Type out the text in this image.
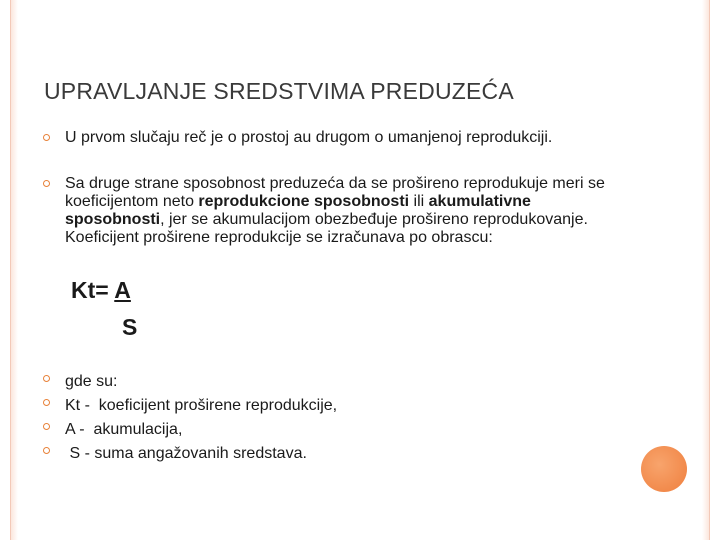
UPRAVLJANJE SREDSTVIMA PREDUZEĆA
U prvom slučaju reč je o prostoj au drugom o umanjenoj reprodukciji.
Sa druge strane sposobnost preduzeća da se prošireno reprodukuje meri se koeficijentom neto reprodukcione sposobnosti ili akumulativne sposobnosti, jer se akumulacijom obezbeđuje prošireno reprodukovanje. Koeficijent proširene reprodukcije se izračunava po obrascu:
Kt= A
S
gde su:
Kt -  koeficijent proširene reprodukcije,
A -  akumulacija,
S - suma angažovanih sredstava.
